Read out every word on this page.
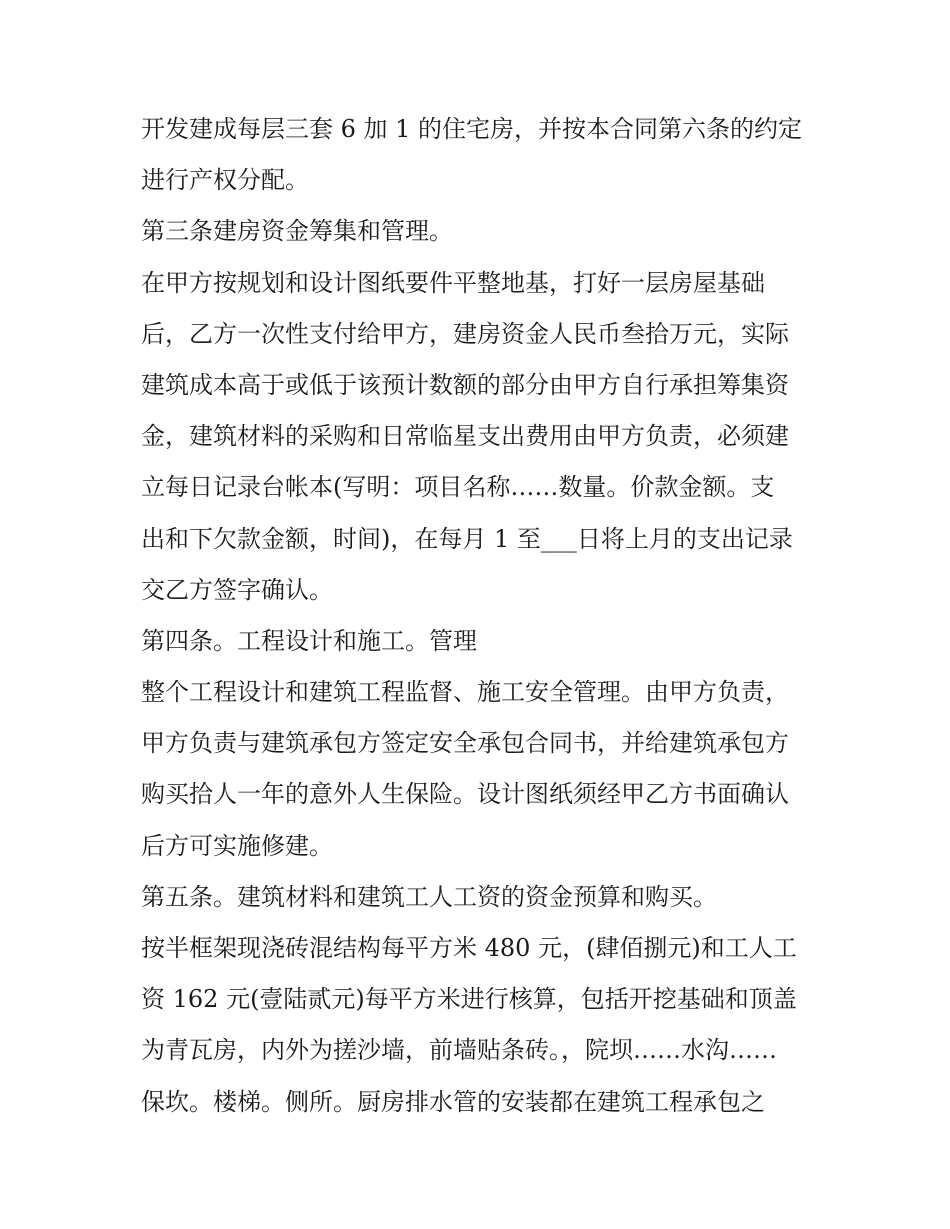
开发建成每层三套 6 加 1 的住宅房，并按本合同第六条的约定
进行产权分配。
第三条建房资金筹集和管理。
在甲方按规划和设计图纸要件平整地基，打好一层房屋基础
后，乙方一次性支付给甲方，建房资金人民币叁拾万元，实际
建筑成本高于或低于该预计数额的部分由甲方自行承担筹集资
金，建筑材料的采购和日常临星支出费用由甲方负责，必须建
立每日记录台帐本(写明：项目名称……数量。价款金额。支
出和下欠款金额，时间)，在每月 1 至___日将上月的支出记录
交乙方签字确认。
第四条。工程设计和施工。管理
整个工程设计和建筑工程监督、施工安全管理。由甲方负责，
甲方负责与建筑承包方签定安全承包合同书，并给建筑承包方
购买拾人一年的意外人生保险。设计图纸须经甲乙方书面确认
后方可实施修建。
第五条。建筑材料和建筑工人工资的资金预算和购买。
按半框架现浇砖混结构每平方米 480 元，(肆佰捌元)和工人工
资 162 元(壹陆贰元)每平方米进行核算，包括开挖基础和顶盖
为青瓦房，内外为搓沙墙，前墙贴条砖。，院坝……水沟……
保坎。楼梯。侧所。厨房排水管的安装都在建筑工程承包之
